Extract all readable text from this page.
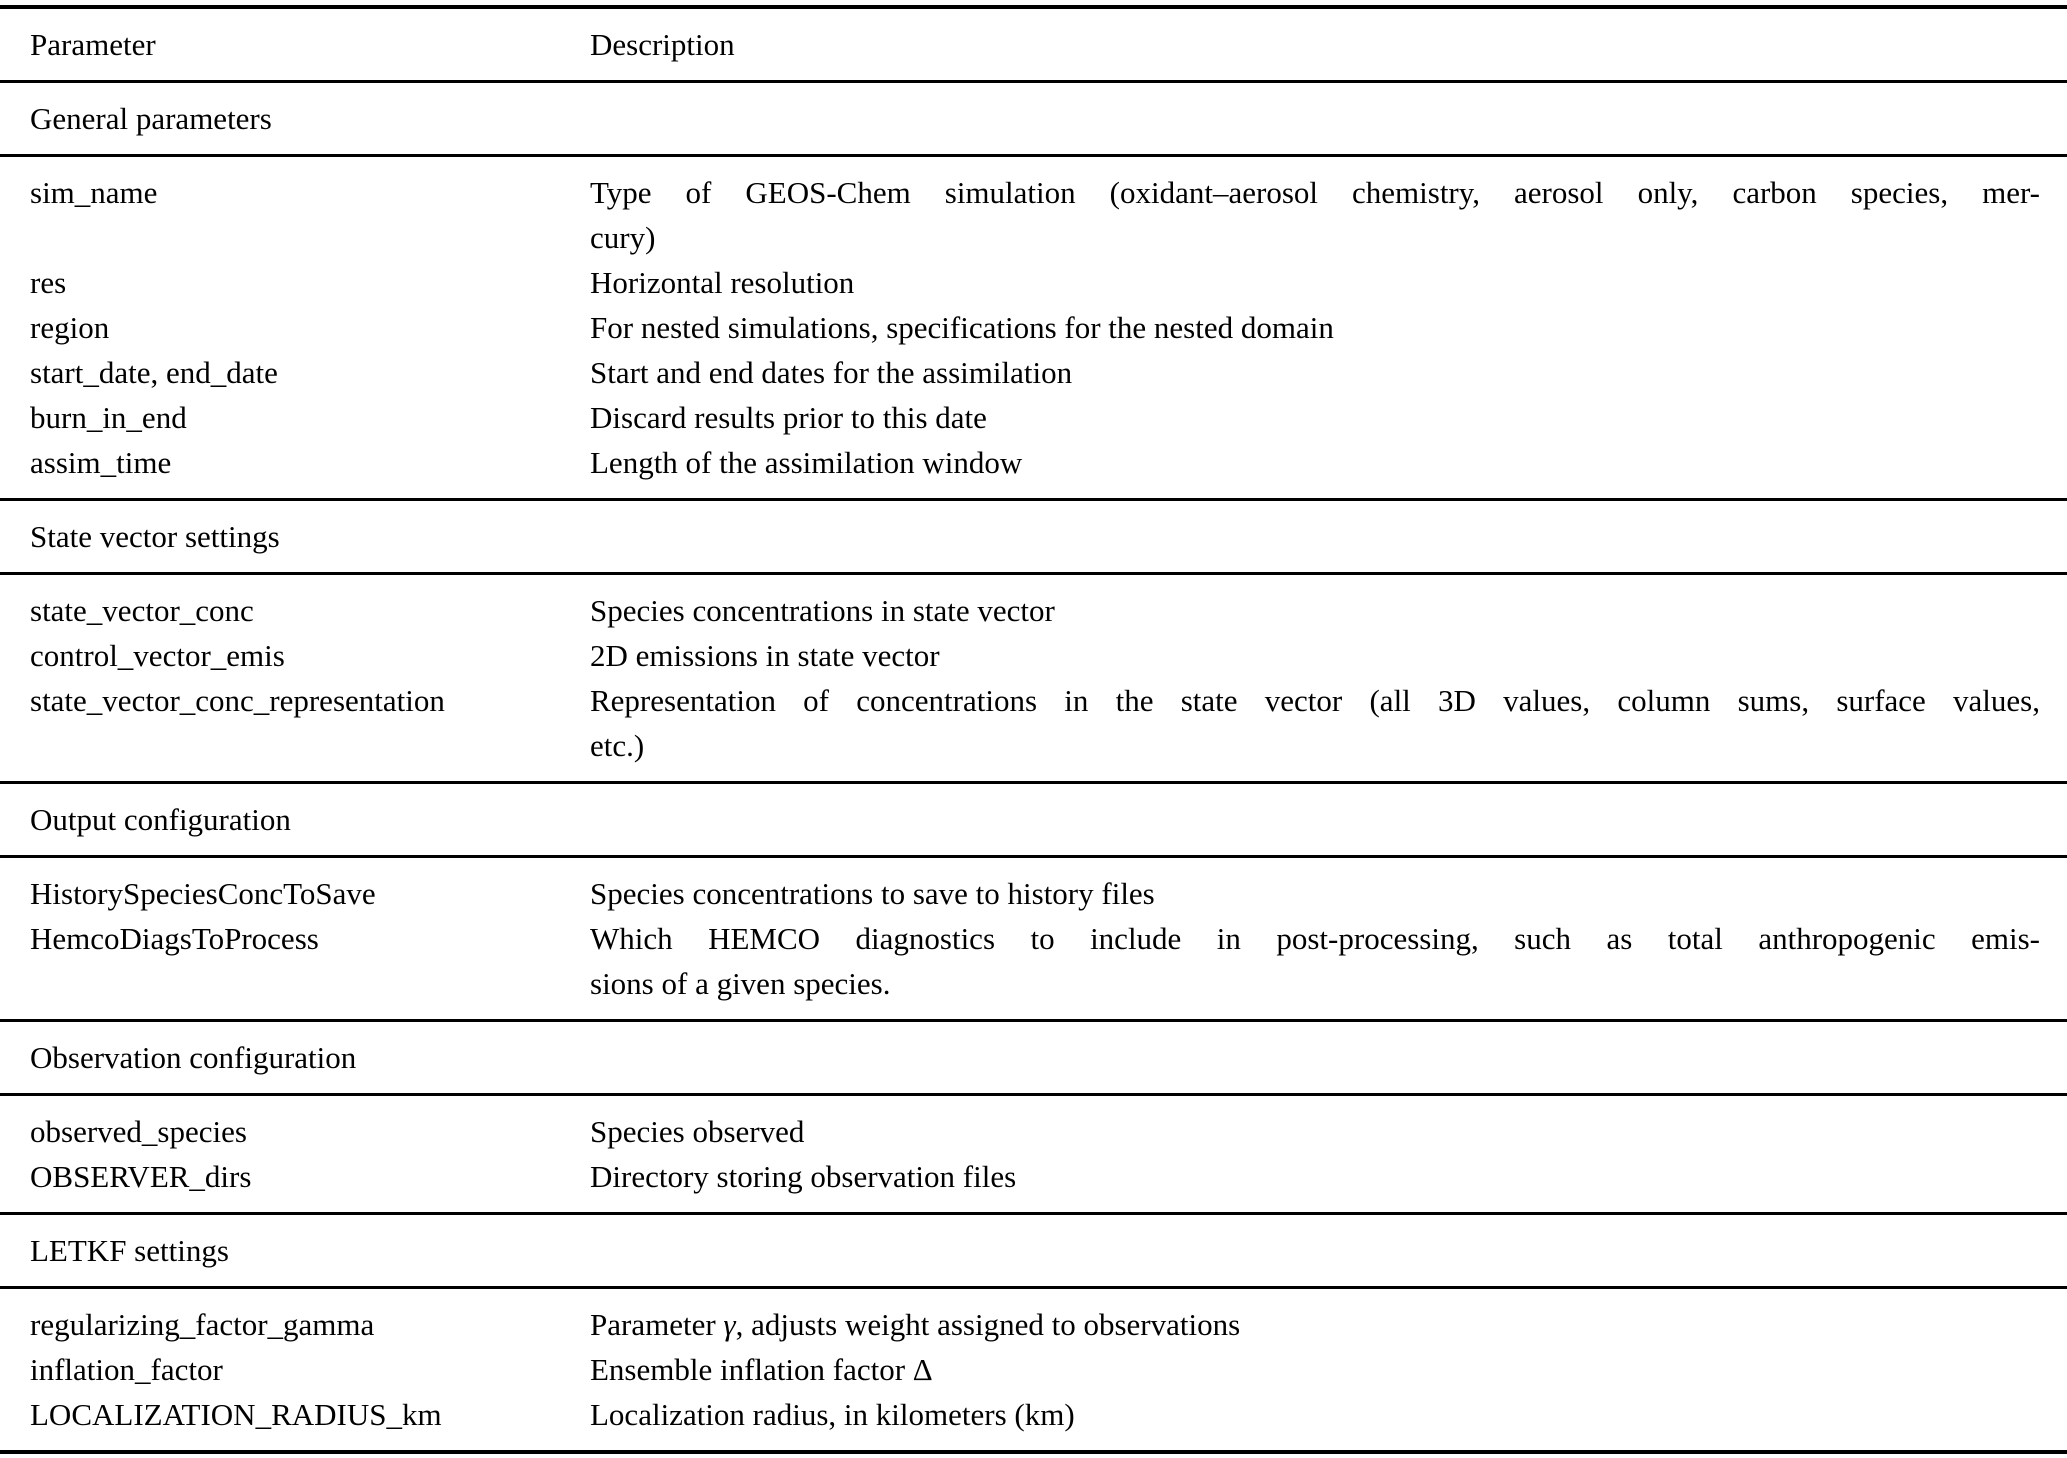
Parameter	Description
General parameters
sim_name	Type of GEOS-Chem simulation (oxidant–aerosol chemistry, aerosol only, carbon species, mer-
cury)
res	Horizontal resolution
region	For nested simulations, specifications for the nested domain
start_date, end_date	Start and end dates for the assimilation
burn_in_end	Discard results prior to this date
assim_time	Length of the assimilation window
State vector settings
state_vector_conc	Species concentrations in state vector
control_vector_emis	2D emissions in state vector
state_vector_conc_representation	Representation of concentrations in the state vector (all 3D values, column sums, surface values,
etc.)
Output configuration
HistorySpeciesConcToSave	Species concentrations to save to history files
HemcoDiagsToProcess	Which HEMCO diagnostics to include in post-processing, such as total anthropogenic emis-
sions of a given species.
Observation configuration
observed_species	Species observed
OBSERVER_dirs	Directory storing observation files
LETKF settings
regularizing_factor_gamma	Parameter γ, adjusts weight assigned to observations
inflation_factor	Ensemble inflation factor Δ
LOCALIZATION_RADIUS_km	Localization radius, in kilometers (km)
